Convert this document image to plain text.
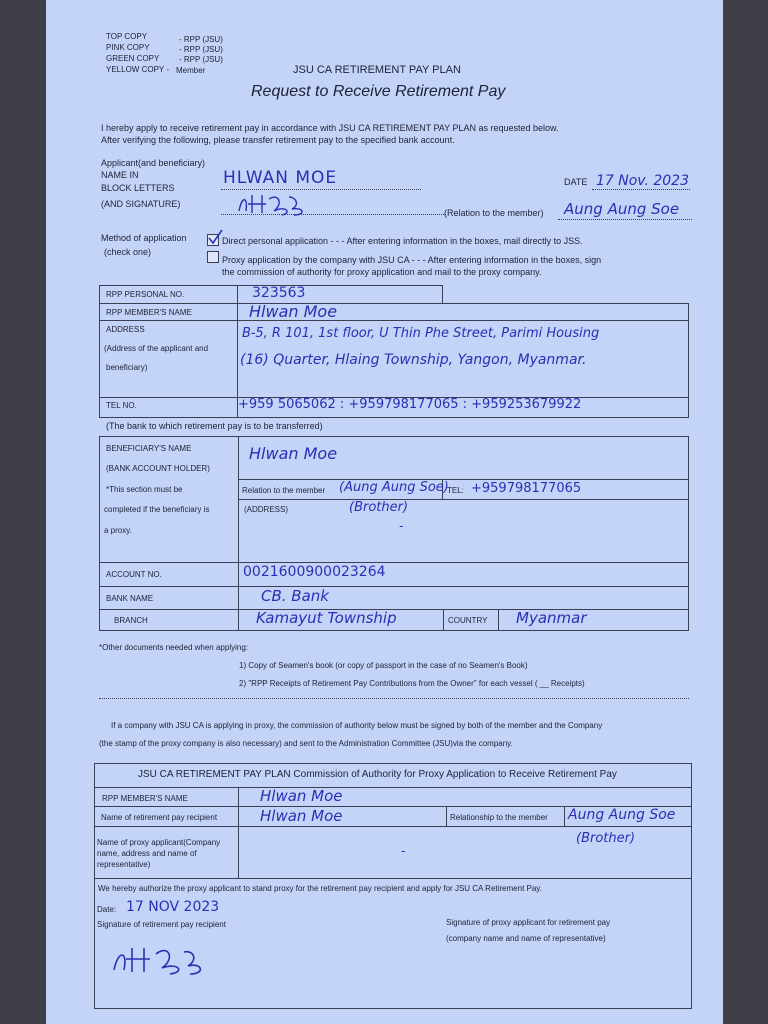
TOP COPY
PINK COPY
GREEN COPY
YELLOW COPY -
- RPP (JSU)
- RPP (JSU)
- RPP (JSU)
Member	JSU CA RETIREMENT PAY PLAN
Request to Receive Retirement Pay
I hereby apply to receive retirement pay in accordance with JSU CA RETIREMENT PAY PLAN as requested below.
After verifying the following, please transfer retirement pay to the specified bank account.
Applicant(and beneficiary)
NAME IN
BLOCK LETTERS
(AND SIGNATURE)
HLWAN MOE	DATE 17 Nov. 2023
(Relation to the member) Aung Aung Soe
Method of application
(check one)
Direct personal application - - - After entering information in the boxes, mail directly to JSS.
Proxy application by the company with JSU CA - - - After entering information in the boxes, sign
the commission of authority for proxy application and mail to the proxy company.
RPP PERSONAL NO.	323563
RPP MEMBER'S NAME	Hlwan Moe
ADDRESS
(Address of the applicant and
beneficiary)
B-5, R 101, 1st floor, U Thin Phe Street, Parimi Housing
(16) Quarter, Hlaing Township, Yangon, Myanmar.
TEL NO.	+959 5065062 : +959798177065 : +959253679922
(The bank to which retirement pay is to be transferred)
BENEFICIARY'S NAME
(BANK ACCOUNT HOLDER)
Hlwan Moe
*This section must be
completed if the beneficiary is
a proxy.
Relation to the member (Aung Aung Soe)
(Brother)
TEL: +959798177065
(ADDRESS)
-
ACCOUNT NO.	0021600900023264
BANK NAME	CB. Bank
BRANCH	Kamayut Township	COUNTRY Myanmar
*Other documents needed when applying:
1) Copy of Seamen's book (or copy of passport in the case of no Seamen's Book)
2) "RPP Receipts of Retirement Pay Contributions from the Owner" for each vessel ( __ Receipts)
If a company with JSU CA is applying in proxy, the commission of authority below must be signed by both of the member and the Company
(the stamp of the proxy company is also necessary) and sent to the Administration Committee (JSU)via the company.
JSU CA RETIREMENT PAY PLAN Commission of Authority for Proxy Application to Receive Retirement Pay
RPP MEMBER'S NAME	Hlwan Moe
Name of retirement pay recipient	Hlwan Moe	Relationship to the member Aung Aung Soe
(Brother)
Name of proxy applicant(Company
name, address and name of
representative)
-
We hereby authorize the proxy applicant to stand proxy for the retirement pay recipient and apply for JSU CA Retirement Pay.
Date: 17 NOV 2023
Signature of retirement pay recipient	Signature of proxy applicant for retirement pay
(company name and name of representative)
